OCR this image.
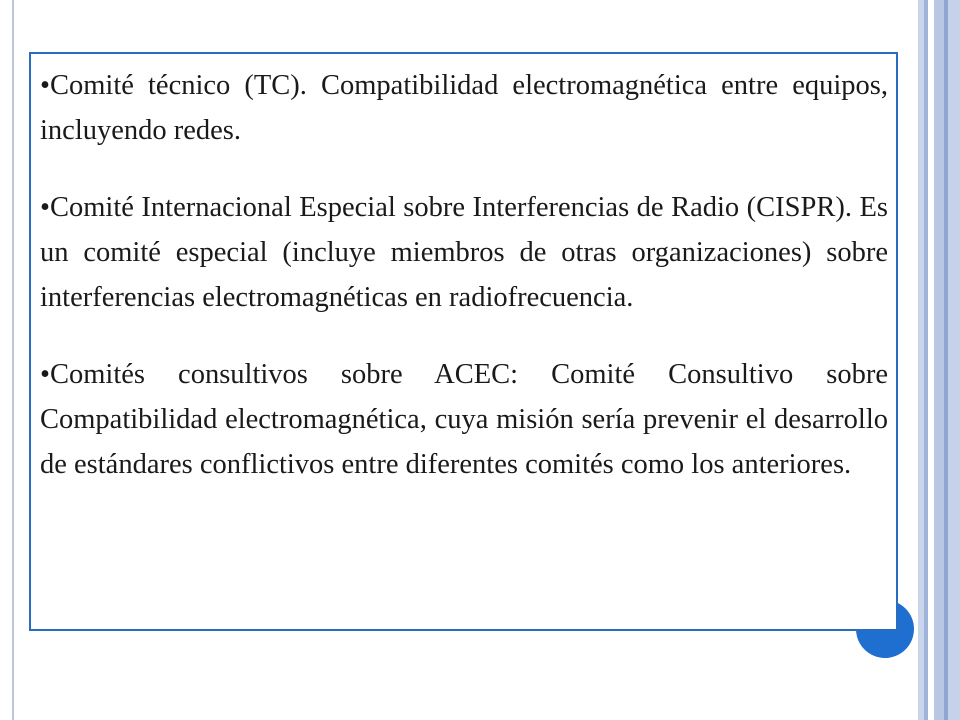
•Comité técnico (TC). Compatibilidad electromagnética entre equipos, incluyendo redes.

•Comité Internacional Especial sobre Interferencias de Radio (CISPR). Es un comité especial (incluye miembros de otras organizaciones) sobre interferencias electromagnéticas en radiofrecuencia.

•Comités consultivos sobre ACEC: Comité Consultivo sobre Compatibilidad electromagnética, cuya misión sería prevenir el desarrollo de estándares conflictivos entre diferentes comités como los anteriores.
